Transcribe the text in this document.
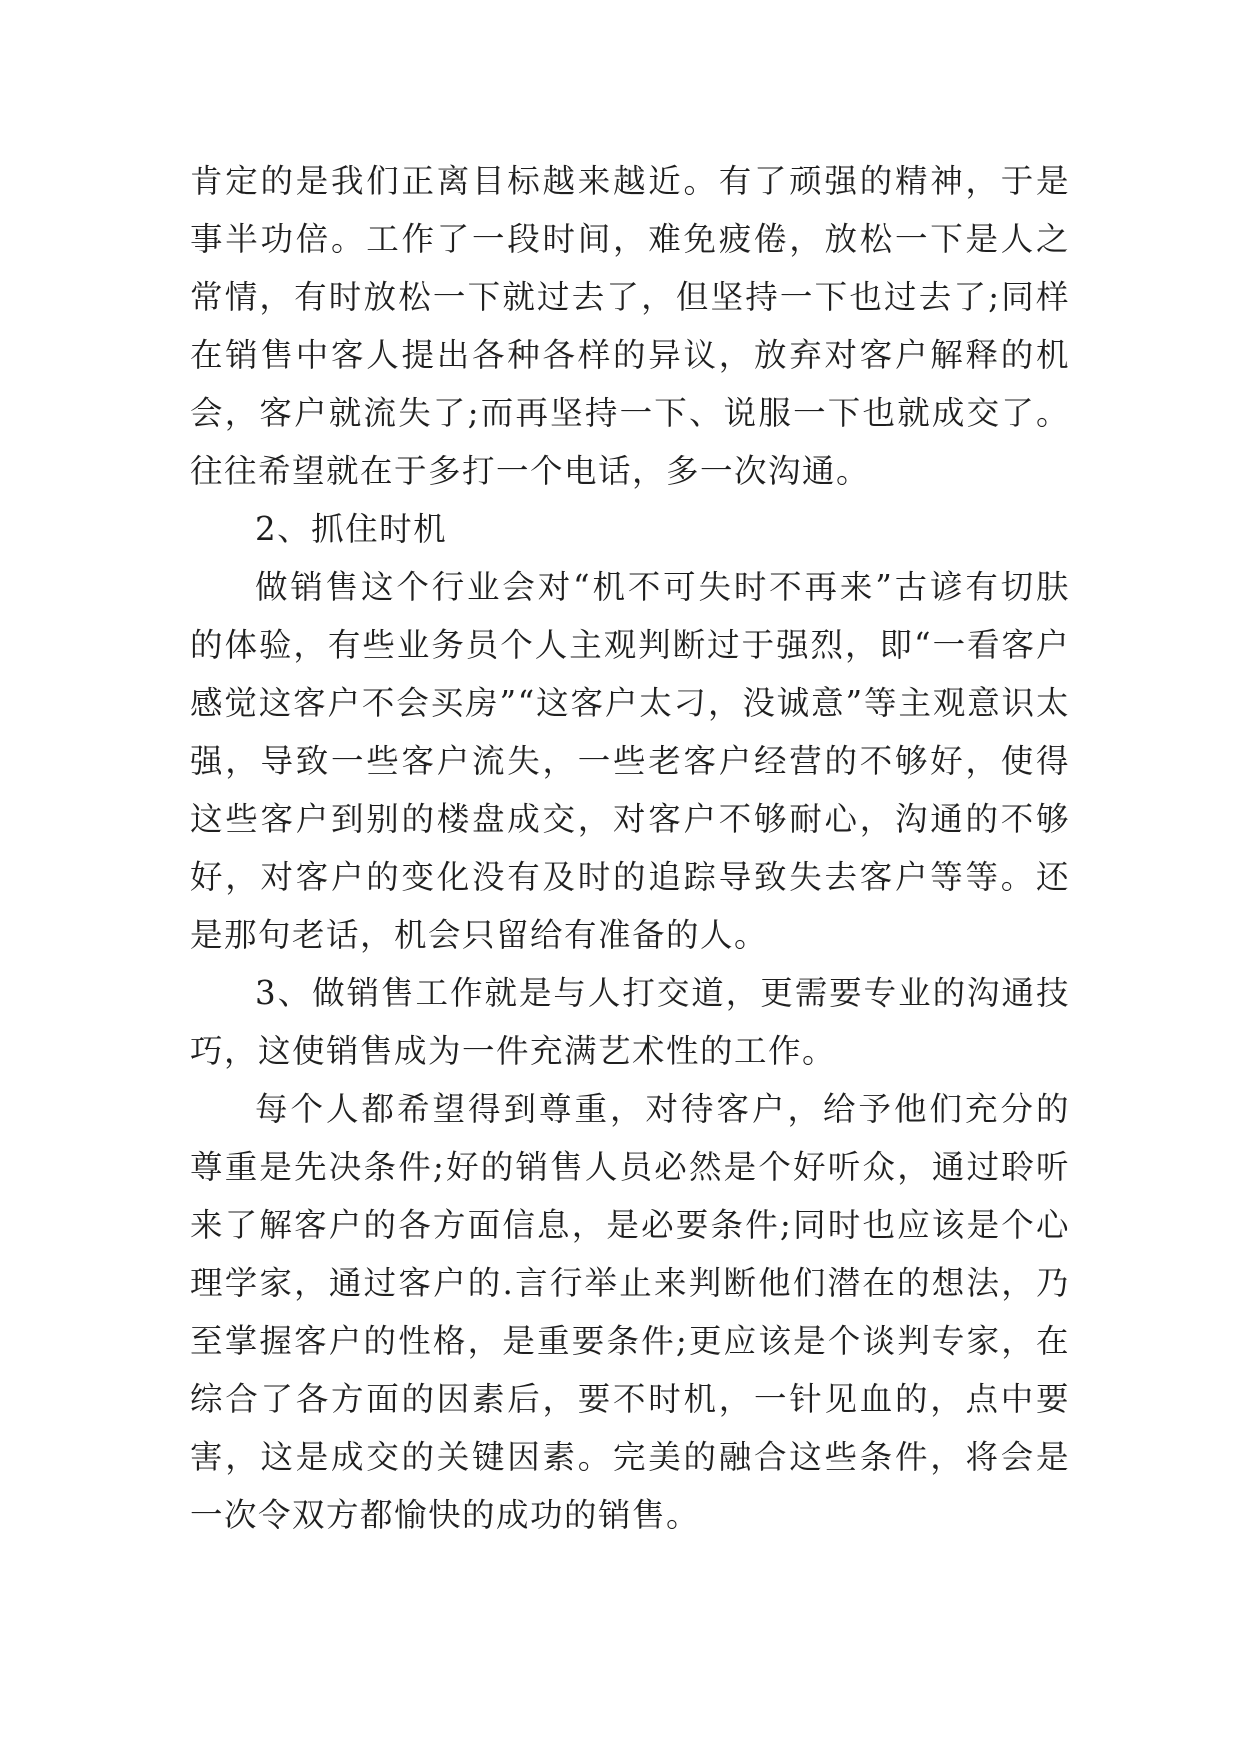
肯定的是我们正离目标越来越近。有了顽强的精神，于是事半功倍。工作了一段时间，难免疲倦，放松一下是人之常情，有时放松一下就过去了，但坚持一下也过去了;同样在销售中客人提出各种各样的异议，放弃对客户解释的机会，客户就流失了;而再坚持一下、说服一下也就成交了。往往希望就在于多打一个电话，多一次沟通。

2、抓住时机

做销售这个行业会对“机不可失时不再来”古谚有切肤的体验，有些业务员个人主观判断过于强烈，即“一看客户感觉这客户不会买房”“这客户太刁，没诚意”等主观意识太强，导致一些客户流失，一些老客户经营的不够好，使得这些客户到别的楼盘成交，对客户不够耐心，沟通的不够好，对客户的变化没有及时的追踪导致失去客户等等。还是那句老话，机会只留给有准备的人。

3、做销售工作就是与人打交道，更需要专业的沟通技巧，这使销售成为一件充满艺术性的工作。

每个人都希望得到尊重，对待客户，给予他们充分的尊重是先决条件;好的销售人员必然是个好听众，通过聆听来了解客户的各方面信息，是必要条件;同时也应该是个心理学家，通过客户的.言行举止来判断他们潜在的想法，乃至掌握客户的性格，是重要条件;更应该是个谈判专家，在综合了各方面的因素后，要不时机，一针见血的，点中要害，这是成交的关键因素。完美的融合这些条件，将会是一次令双方都愉快的成功的销售。
